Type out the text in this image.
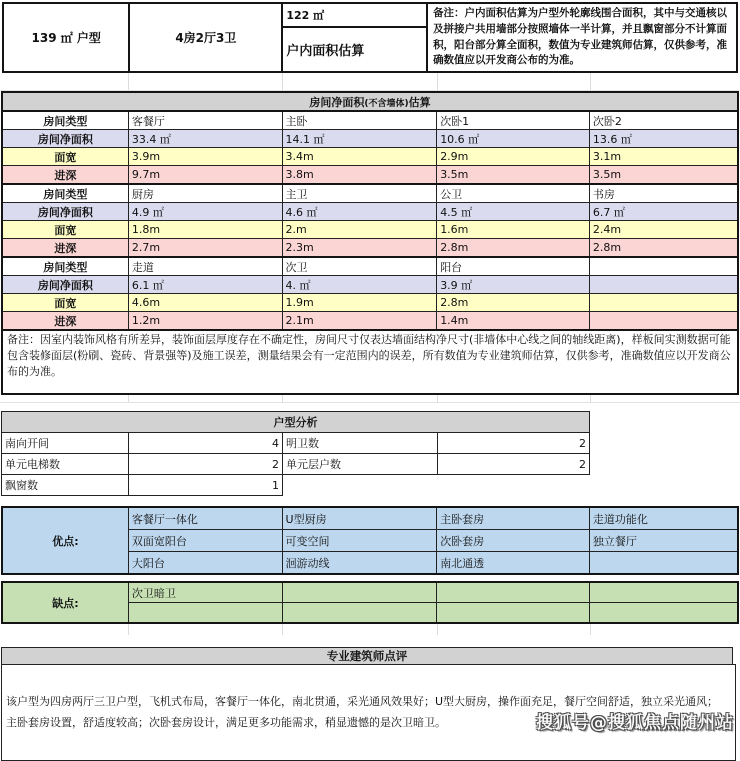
139 ㎡ 户型	4房2厅3卫	122 ㎡	备注：户内面积估算为户型外轮廓线围合面积，其中与交通核以及拼接户共用墙部分按照墙体一半计算，并且飘窗部分不计算面积，阳台部分算全面积，数值为专业建筑师估算，仅供参考，准确数值应以开发商公布的为准。
户内面积估算
房间净面积(不含墙体)估算				
房间类型	客餐厅	主卧	次卧1	次卧2
房间净面积	33.4 ㎡	14.1 ㎡	10.6 ㎡	13.6 ㎡
面宽	3.9m	3.4m	2.9m	3.1m
进深	9.7m	3.8m	3.5m	3.5m
房间类型	厨房	主卫	公卫	书房
房间净面积	4.9 ㎡	4.6 ㎡	4.5 ㎡	6.7 ㎡
面宽	1.8m	2.m	1.6m	2.4m
进深	2.7m	2.3m	2.8m	2.8m
房间类型	走道	次卫	阳台	
房间净面积	6.1 ㎡	4. ㎡	3.9 ㎡	
面宽	4.6m	1.9m	2.8m	
进深	1.2m	2.1m	1.4m	
备注：因室内装饰风格有所差异，装饰面层厚度存在不确定性，房间尺寸仅表达墙面结构净尺寸(非墙体中心线之间的轴线距离)，样板间实测数据可能包含装修面层(粉刷、瓷砖、背景强等)及施工误差，测量结果会有一定范围内的误差，所有数值为专业建筑师估算，仅供参考，准确数值应以开发商公布的为准。				
户型分析			
南向开间	4	明卫数	2
单元电梯数	2	单元层户数	2
飘窗数	1		
优点:	客餐厅一体化	U型厨房	主卧套房	走道功能化
	双面宽阳台	可变空间	次卧套房	独立餐厅
	大阳台	洄游动线	南北通透	
缺点:	次卫暗卫			

专业建筑师点评
该户型为四房两厅三卫户型，飞机式布局，客餐厅一体化，南北贯通，采光通风效果好；U型大厨房，操作面充足，餐厅空间舒适，独立采光通风；主卧套房设置，舒适度较高；次卧套房设计，满足更多功能需求，稍显遗憾的是次卫暗卫。	搜狐号@搜狐焦点随州站
